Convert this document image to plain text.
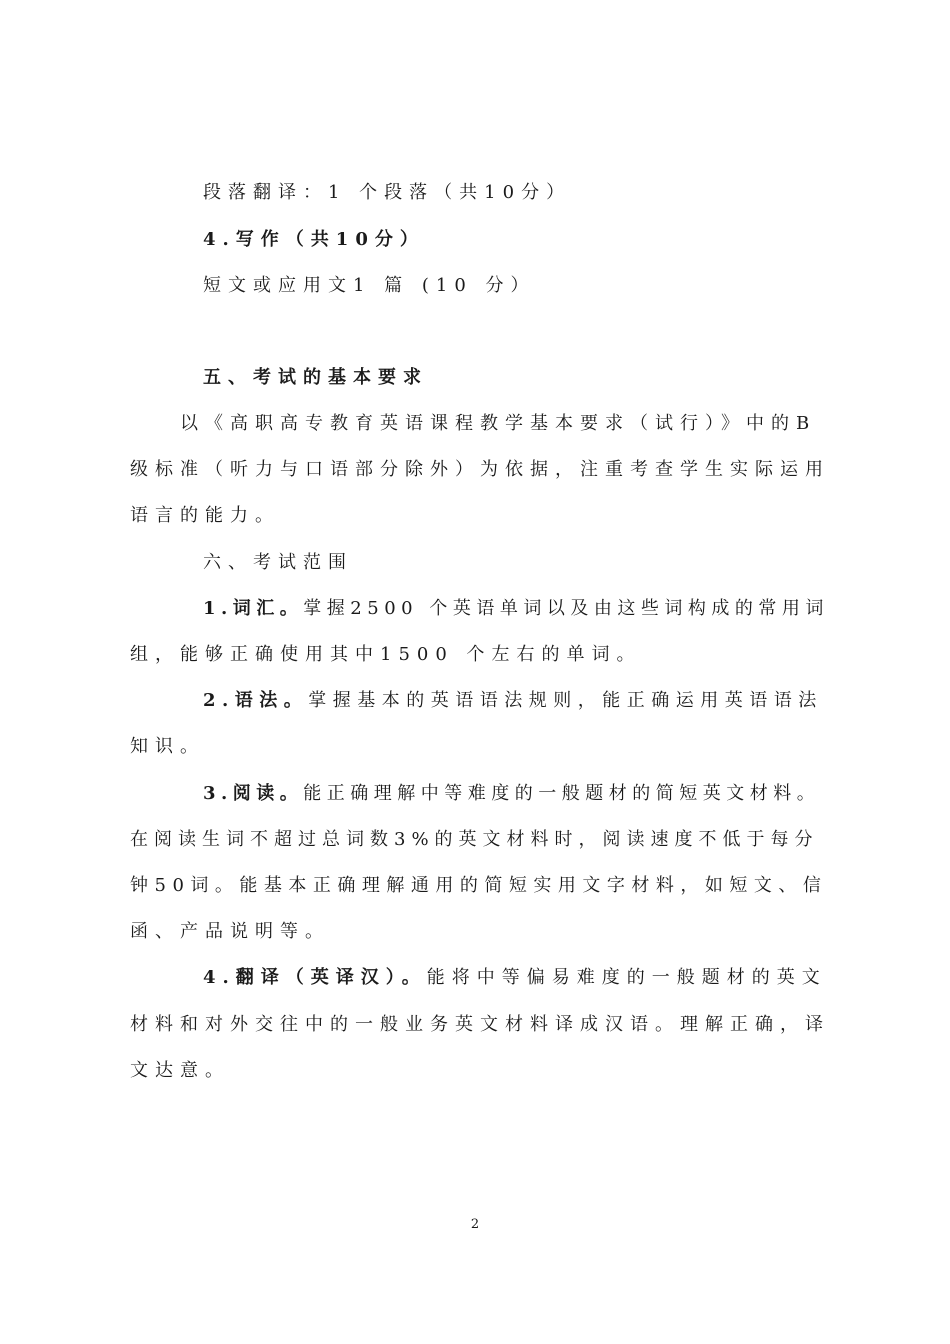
段落翻译：1 个段落（共10分）
4.写作（共10分）
短文或应用文1 篇 (10 分）
五、考试的基本要求
以《高职高专教育英语课程教学基本要求（试行）》中的B
级标准（听力与口语部分除外）为依据，注重考查学生实际运用
语言的能力。
六、考试范围
1.词汇。掌握2500 个英语单词以及由这些词构成的常用词
组，能够正确使用其中1500 个左右的单词。
2.语法。掌握基本的英语语法规则，能正确运用英语语法
知识。
3.阅读。能正确理解中等难度的一般题材的简短英文材料。
在阅读生词不超过总词数3%的英文材料时，阅读速度不低于每分
钟50词。能基本正确理解通用的简短实用文字材料，如短文、信
函、产品说明等。
4.翻译（英译汉）。能将中等偏易难度的一般题材的英文
材料和对外交往中的一般业务英文材料译成汉语。理解正确，译
文达意。
2
